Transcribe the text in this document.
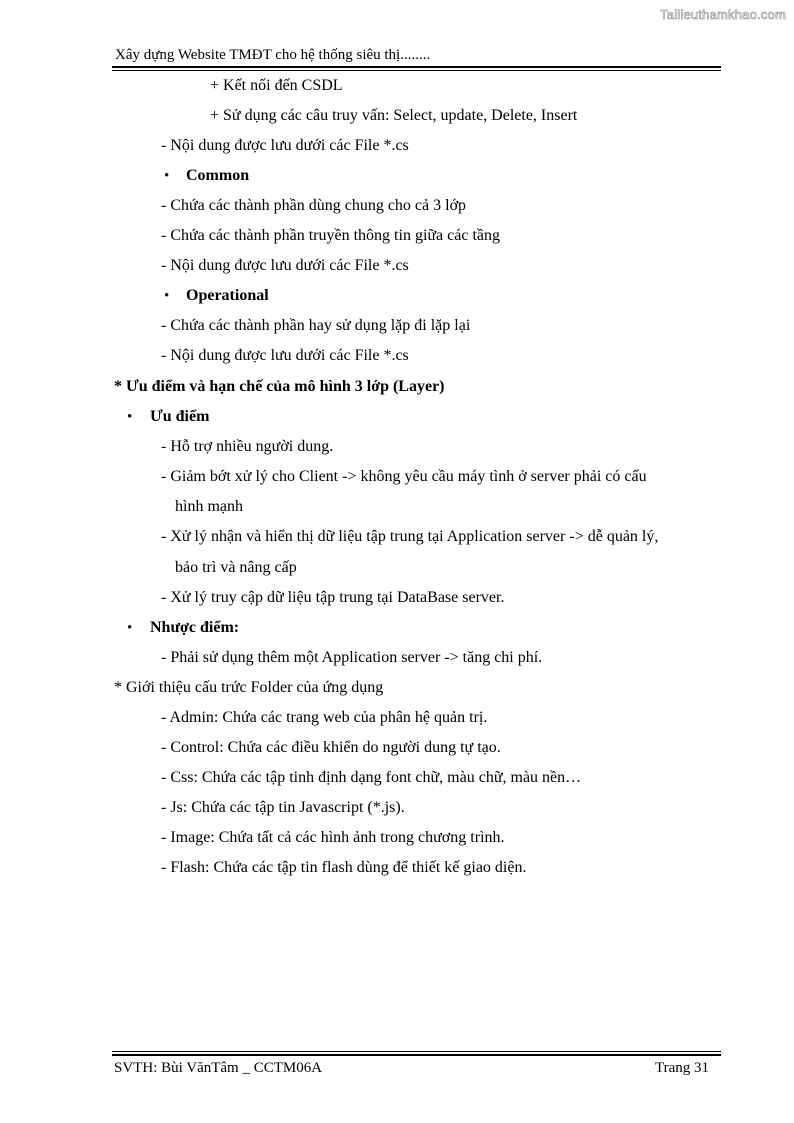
Tailieuthamkhao.com
Xây dựng Website TMĐT cho hệ thống siêu thị........
+ Kết nối đến CSDL
+ Sử dụng các câu truy vấn: Select, update, Delete, Insert
- Nội dung được lưu dưới các File *.cs
• Common
- Chứa các thành phần dùng chung cho cả 3 lớp
- Chứa các thành phần truyền thông tin giữa các tầng
- Nội dung được lưu dưới các File *.cs
• Operational
- Chứa các thành phần hay sử dụng lặp đi lặp lại
- Nội dung được lưu dưới các File *.cs
* Ưu điểm và hạn chế của mô hình 3 lớp (Layer)
• Ưu điểm
- Hỗ trợ nhiều người dung.
- Giảm bớt xử lý cho Client -> không yêu cầu máy tình ở server phải có cấu
hình mạnh
- Xử lý nhận và hiển thị dữ liệu tập trung tại Application server -> dễ quản lý,
bảo trì và nâng cấp
- Xử lý truy cập dữ liệu tập trung tại DataBase server.
• Nhược điểm:
- Phải sử dụng thêm một Application server -> tăng chi phí.
* Giới thiệu cấu trức Folder của ứng dụng
- Admin: Chứa các trang web của phân hệ quản trị.
- Control: Chứa các điều khiển do người dung tự tạo.
- Css: Chứa các tập tinh định dạng font chữ, màu chữ, màu nền…
- Js: Chứa các tập tin Javascript (*.js).
- Image: Chứa tất cả các hình ảnh trong chương trình.
- Flash: Chứa các tập tin flash dùng để thiết kế giao diện.
SVTH: Bùi VănTâm _ CCTM06A	Trang 31
